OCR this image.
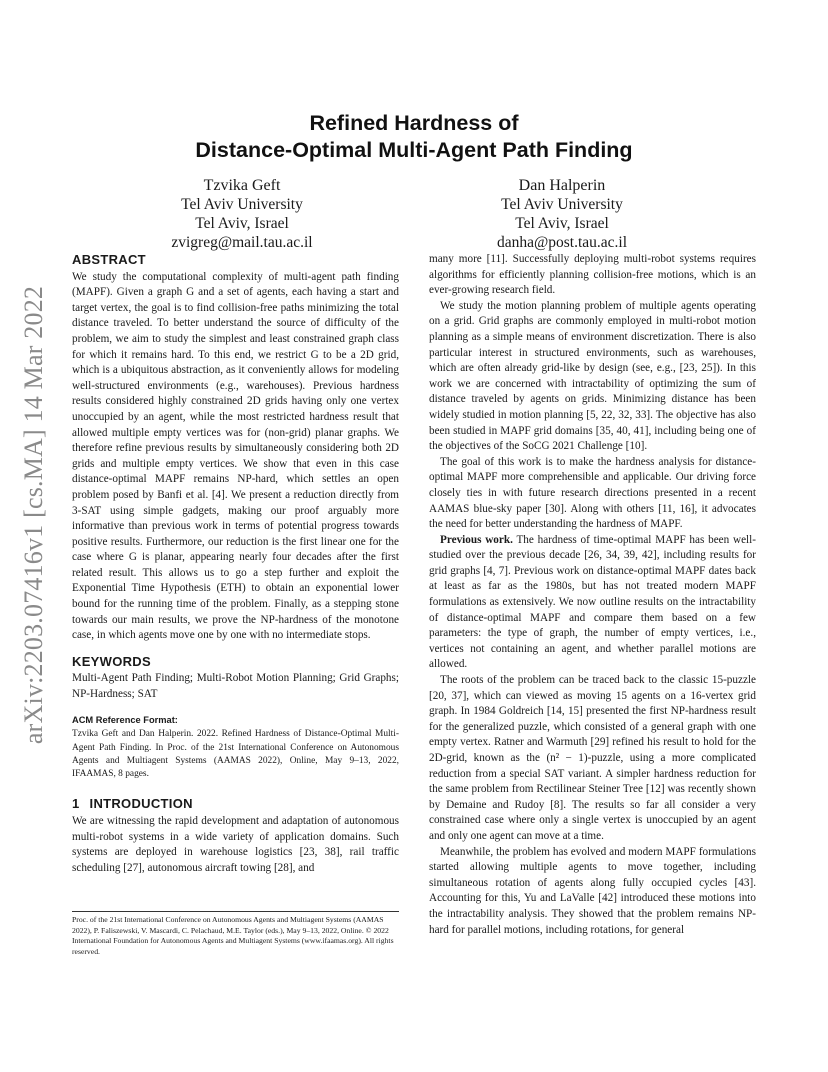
arXiv:2203.07416v1 [cs.MA] 14 Mar 2022
Refined Hardness of
Distance-Optimal Multi-Agent Path Finding
Tzvika Geft
Tel Aviv University
Tel Aviv, Israel
zvigreg@mail.tau.ac.il
Dan Halperin
Tel Aviv University
Tel Aviv, Israel
danha@post.tau.ac.il
ABSTRACT

We study the computational complexity of multi-agent path finding (MAPF). Given a graph G and a set of agents, each having a start and target vertex, the goal is to find collision-free paths minimizing the total distance traveled. To better understand the source of difficulty of the problem, we aim to study the simplest and least constrained graph class for which it remains hard. To this end, we restrict G to be a 2D grid, which is a ubiquitous abstraction, as it conveniently allows for modeling well-structured environments (e.g., warehouses). Previous hardness results considered highly constrained 2D grids having only one vertex unoccupied by an agent, while the most restricted hardness result that allowed multiple empty vertices was for (non-grid) planar graphs. We therefore refine previous results by simultaneously considering both 2D grids and multiple empty vertices. We show that even in this case distance-optimal MAPF remains NP-hard, which settles an open problem posed by Banfi et al. [4]. We present a reduction directly from 3-SAT using simple gadgets, making our proof arguably more informative than previous work in terms of potential progress towards positive results. Furthermore, our reduction is the first linear one for the case where G is planar, appearing nearly four decades after the first related result. This allows us to go a step further and exploit the Exponential Time Hypothesis (ETH) to obtain an exponential lower bound for the running time of the problem. Finally, as a stepping stone towards our main results, we prove the NP-hardness of the monotone case, in which agents move one by one with no intermediate stops.

KEYWORDS

Multi-Agent Path Finding; Multi-Robot Motion Planning; Grid Graphs; NP-Hardness; SAT

ACM Reference Format:

Tzvika Geft and Dan Halperin. 2022. Refined Hardness of Distance-Optimal Multi-Agent Path Finding. In Proc. of the 21st International Conference on Autonomous Agents and Multiagent Systems (AAMAS 2022), Online, May 9–13, 2022, IFAAMAS, 8 pages.

1 INTRODUCTION

We are witnessing the rapid development and adaptation of autonomous multi-robot systems in a wide variety of application domains. Such systems are deployed in warehouse logistics [23, 38], rail traffic scheduling [27], autonomous aircraft towing [28], and

Proc. of the 21st International Conference on Autonomous Agents and Multiagent Systems (AAMAS 2022), P. Faliszewski, V. Mascardi, C. Pelachaud, M.E. Taylor (eds.), May 9–13, 2022, Online. © 2022 International Foundation for Autonomous Agents and Multiagent Systems (www.ifaamas.org). All rights reserved.

many more [11]. Successfully deploying multi-robot systems requires algorithms for efficiently planning collision-free motions, which is an ever-growing research field.

We study the motion planning problem of multiple agents operating on a grid. Grid graphs are commonly employed in multi-robot motion planning as a simple means of environment discretization. There is also particular interest in structured environments, such as warehouses, which are often already grid-like by design (see, e.g., [23, 25]). In this work we are concerned with intractability of optimizing the sum of distance traveled by agents on grids. Minimizing distance has been widely studied in motion planning [5, 22, 32, 33]. The objective has also been studied in MAPF grid domains [35, 40, 41], including being one of the objectives of the SoCG 2021 Challenge [10].

The goal of this work is to make the hardness analysis for distance-optimal MAPF more comprehensible and applicable. Our driving force closely ties in with future research directions presented in a recent AAMAS blue-sky paper [30]. Along with others [11, 16], it advocates the need for better understanding the hardness of MAPF.

Previous work. The hardness of time-optimal MAPF has been well-studied over the previous decade [26, 34, 39, 42], including results for grid graphs [4, 7]. Previous work on distance-optimal MAPF dates back at least as far as the 1980s, but has not treated modern MAPF formulations as extensively. We now outline results on the intractability of distance-optimal MAPF and compare them based on a few parameters: the type of graph, the number of empty vertices, i.e., vertices not containing an agent, and whether parallel motions are allowed.

The roots of the problem can be traced back to the classic 15-puzzle [20, 37], which can viewed as moving 15 agents on a 16-vertex grid graph. In 1984 Goldreich [14, 15] presented the first NP-hardness result for the generalized puzzle, which consisted of a general graph with one empty vertex. Ratner and Warmuth [29] refined his result to hold for the 2D-grid, known as the (n² − 1)-puzzle, using a more complicated reduction from a special SAT variant. A simpler hardness reduction for the same problem from Rectilinear Steiner Tree [12] was recently shown by Demaine and Rudoy [8]. The results so far all consider a very constrained case where only a single vertex is unoccupied by an agent and only one agent can move at a time.

Meanwhile, the problem has evolved and modern MAPF formulations started allowing multiple agents to move together, including simultaneous rotation of agents along fully occupied cycles [43]. Accounting for this, Yu and LaValle [42] introduced these motions into the intractability analysis. They showed that the problem remains NP-hard for parallel motions, including rotations, for general
